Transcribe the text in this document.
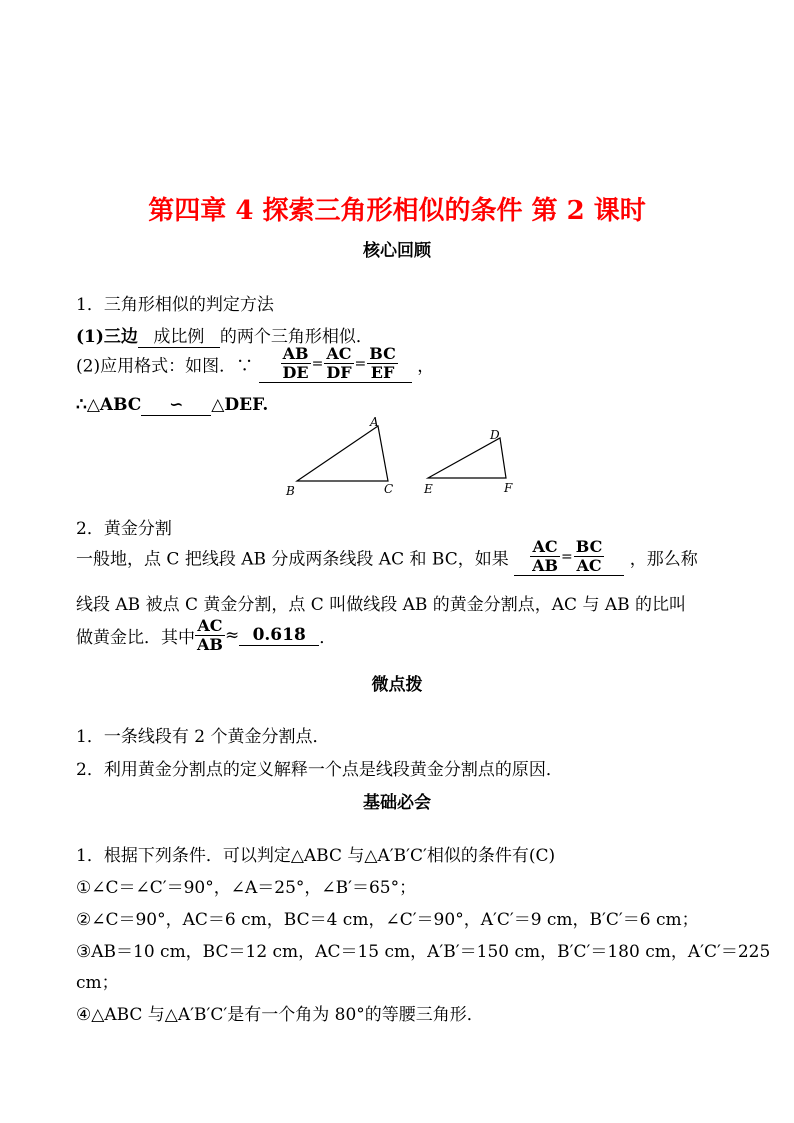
第四章 4 探索三角形相似的条件 第 2 课时
核心回顾
1．三角形相似的判定方法
(1)三边 成比例 的两个三角形相似．
(2)应用格式：如图．∵ $\frac{AB}{DE} = \frac{AC}{DF} = \frac{BC}{EF}$ ，
∴△ABC ∽ △DEF.
A
B	C
D
E	F
2．黄金分割
一般地，点 C 把线段 AB 分成两条线段 AC 和 BC，如果 $\frac{AC}{AB} = \frac{BC}{AC}$ ，那么称
线段 AB 被点 C 黄金分割，点 C 叫做线段 AB 的黄金分割点，AC 与 AB 的比叫
做黄金比．其中 $\frac{AC}{AB} \approx 0.618$ ．
微点拨
1．一条线段有 2 个黄金分割点．
2．利用黄金分割点的定义解释一个点是线段黄金分割点的原因．
基础必会
1．根据下列条件．可以判定△ABC 与△A′B′C′相似的条件有(C)
①∠C＝∠C′＝90°，∠A＝25°，∠B′＝65°；
②∠C＝90°，AC＝6 cm，BC＝4 cm，∠C′＝90°，A′C′＝9 cm，B′C′＝6 cm；
③AB＝10 cm，BC＝12 cm，AC＝15 cm，A′B′＝150 cm，B′C′＝180 cm，A′C′＝225
cm；
④△ABC 与△A′B′C′是有一个角为 80°的等腰三角形．
